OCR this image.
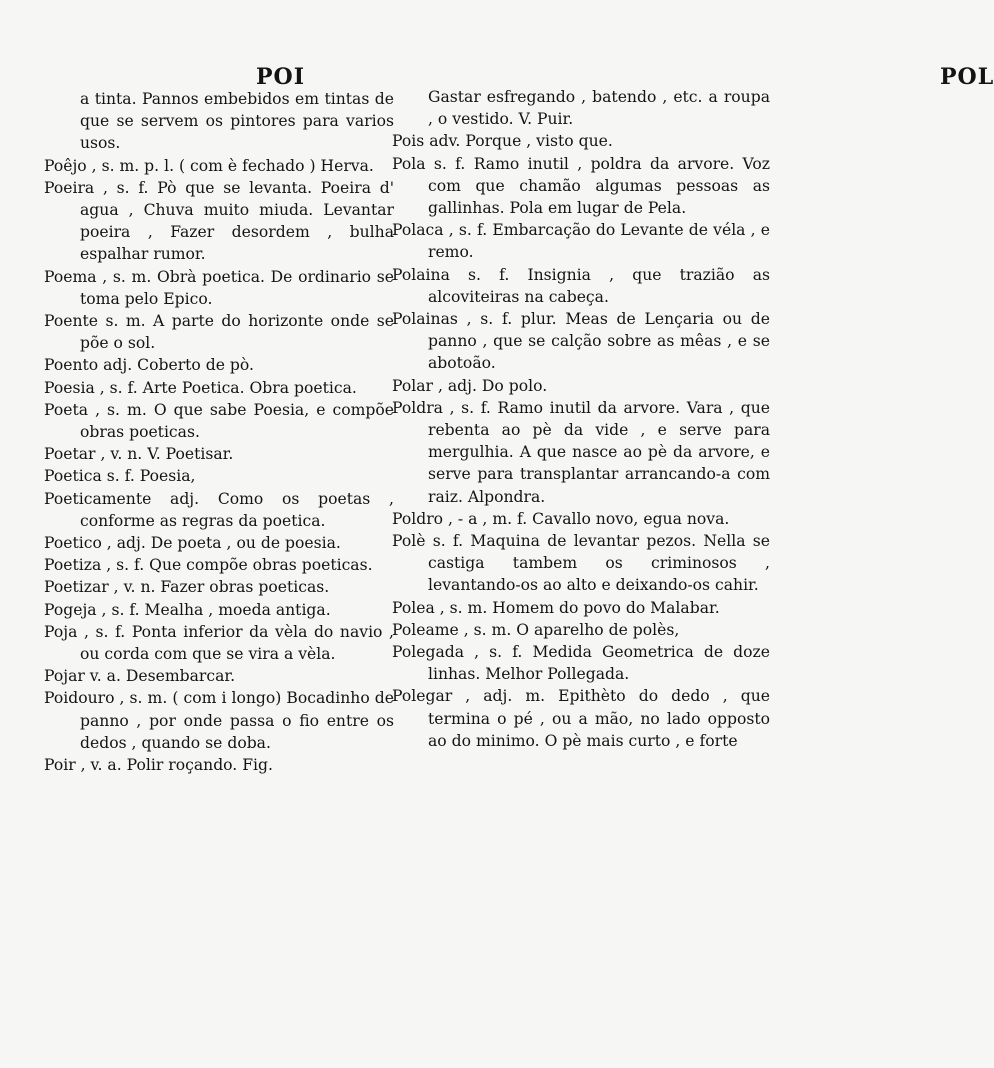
POI

a tinta. Pannos embebidos em tintas de que se servem os pintores para varios usos.

Poêjo , s. m. p. l. ( com è fechado ) Herva.

Poeira , s. f. Pò que se levanta. Poeira d' agua , Chuva muito miuda. Levantar poeira , Fazer desordem , bulha espalhar rumor.

Poema , s. m. Obrà poetica. De ordinario se toma pelo Epico.

Poente s. m. A parte do horizonte onde se põe o sol.

Poento adj. Coberto de pò.

Poesia , s. f. Arte Poetica. Obra poetica.

Poeta , s. m. O que sabe Poesia, e compõe obras poeticas.

Poetar , v. n. V. Poetisar.

Poetica s. f. Poesia,

Poeticamente adj. Como os poetas , conforme as regras da poetica.

Poetico , adj. De poeta , ou de poesia.

Poetiza , s. f. Que compõe obras poeticas.

Poetizar , v. n. Fazer obras poeticas.

Pogeja , s. f. Mealha , moeda antiga.

Poja , s. f. Ponta inferior da vèla do navio , ou corda com que se vira a vèla.

Pojar v. a. Desembarcar.

Poidouro , s. m. ( com i longo) Bocadinho de panno , por onde passa o fio entre os dedos , quando se doba.

Poir , v. a. Polir roçando. Fig.

POL

Gastar esfregando , batendo , etc. a roupa , o vestido. V. Puir.

Pois adv. Porque , visto que.

Pola s. f. Ramo inutil , poldra da arvore. Voz com que chamão algumas pessoas as gallinhas. Pola em lugar de Pela.

Polaca , s. f. Embarcação do Levante de véla , e remo.

Polaina s. f. Insignia , que trazião as alcoviteiras na cabeça.

Polainas , s. f. plur. Meas de Lençaria ou de panno , que se calção sobre as mêas , e se abotoão.

Polar , adj. Do polo.

Poldra , s. f. Ramo inutil da arvore. Vara , que rebenta ao pè da vide , e serve para mergulhia. A que nasce ao pè da arvore, e serve para transplantar arrancando-a com raiz. Alpondra.

Poldro , - a , m. f. Cavallo novo, egua nova.

Polè s. f. Maquina de levantar pezos. Nella se castiga tambem os criminosos , levantando-os ao alto e deixando-os cahir.

Polea , s. m. Homem do povo do Malabar.

Poleame , s. m. O aparelho de polès,

Polegada , s. f. Medida Geometrica de doze linhas. Melhor Pollegada.

Polegar , adj. m. Epithèto do dedo , que termina o pé , ou a mão, no lado opposto ao do minimo. O pè mais curto , e forte
